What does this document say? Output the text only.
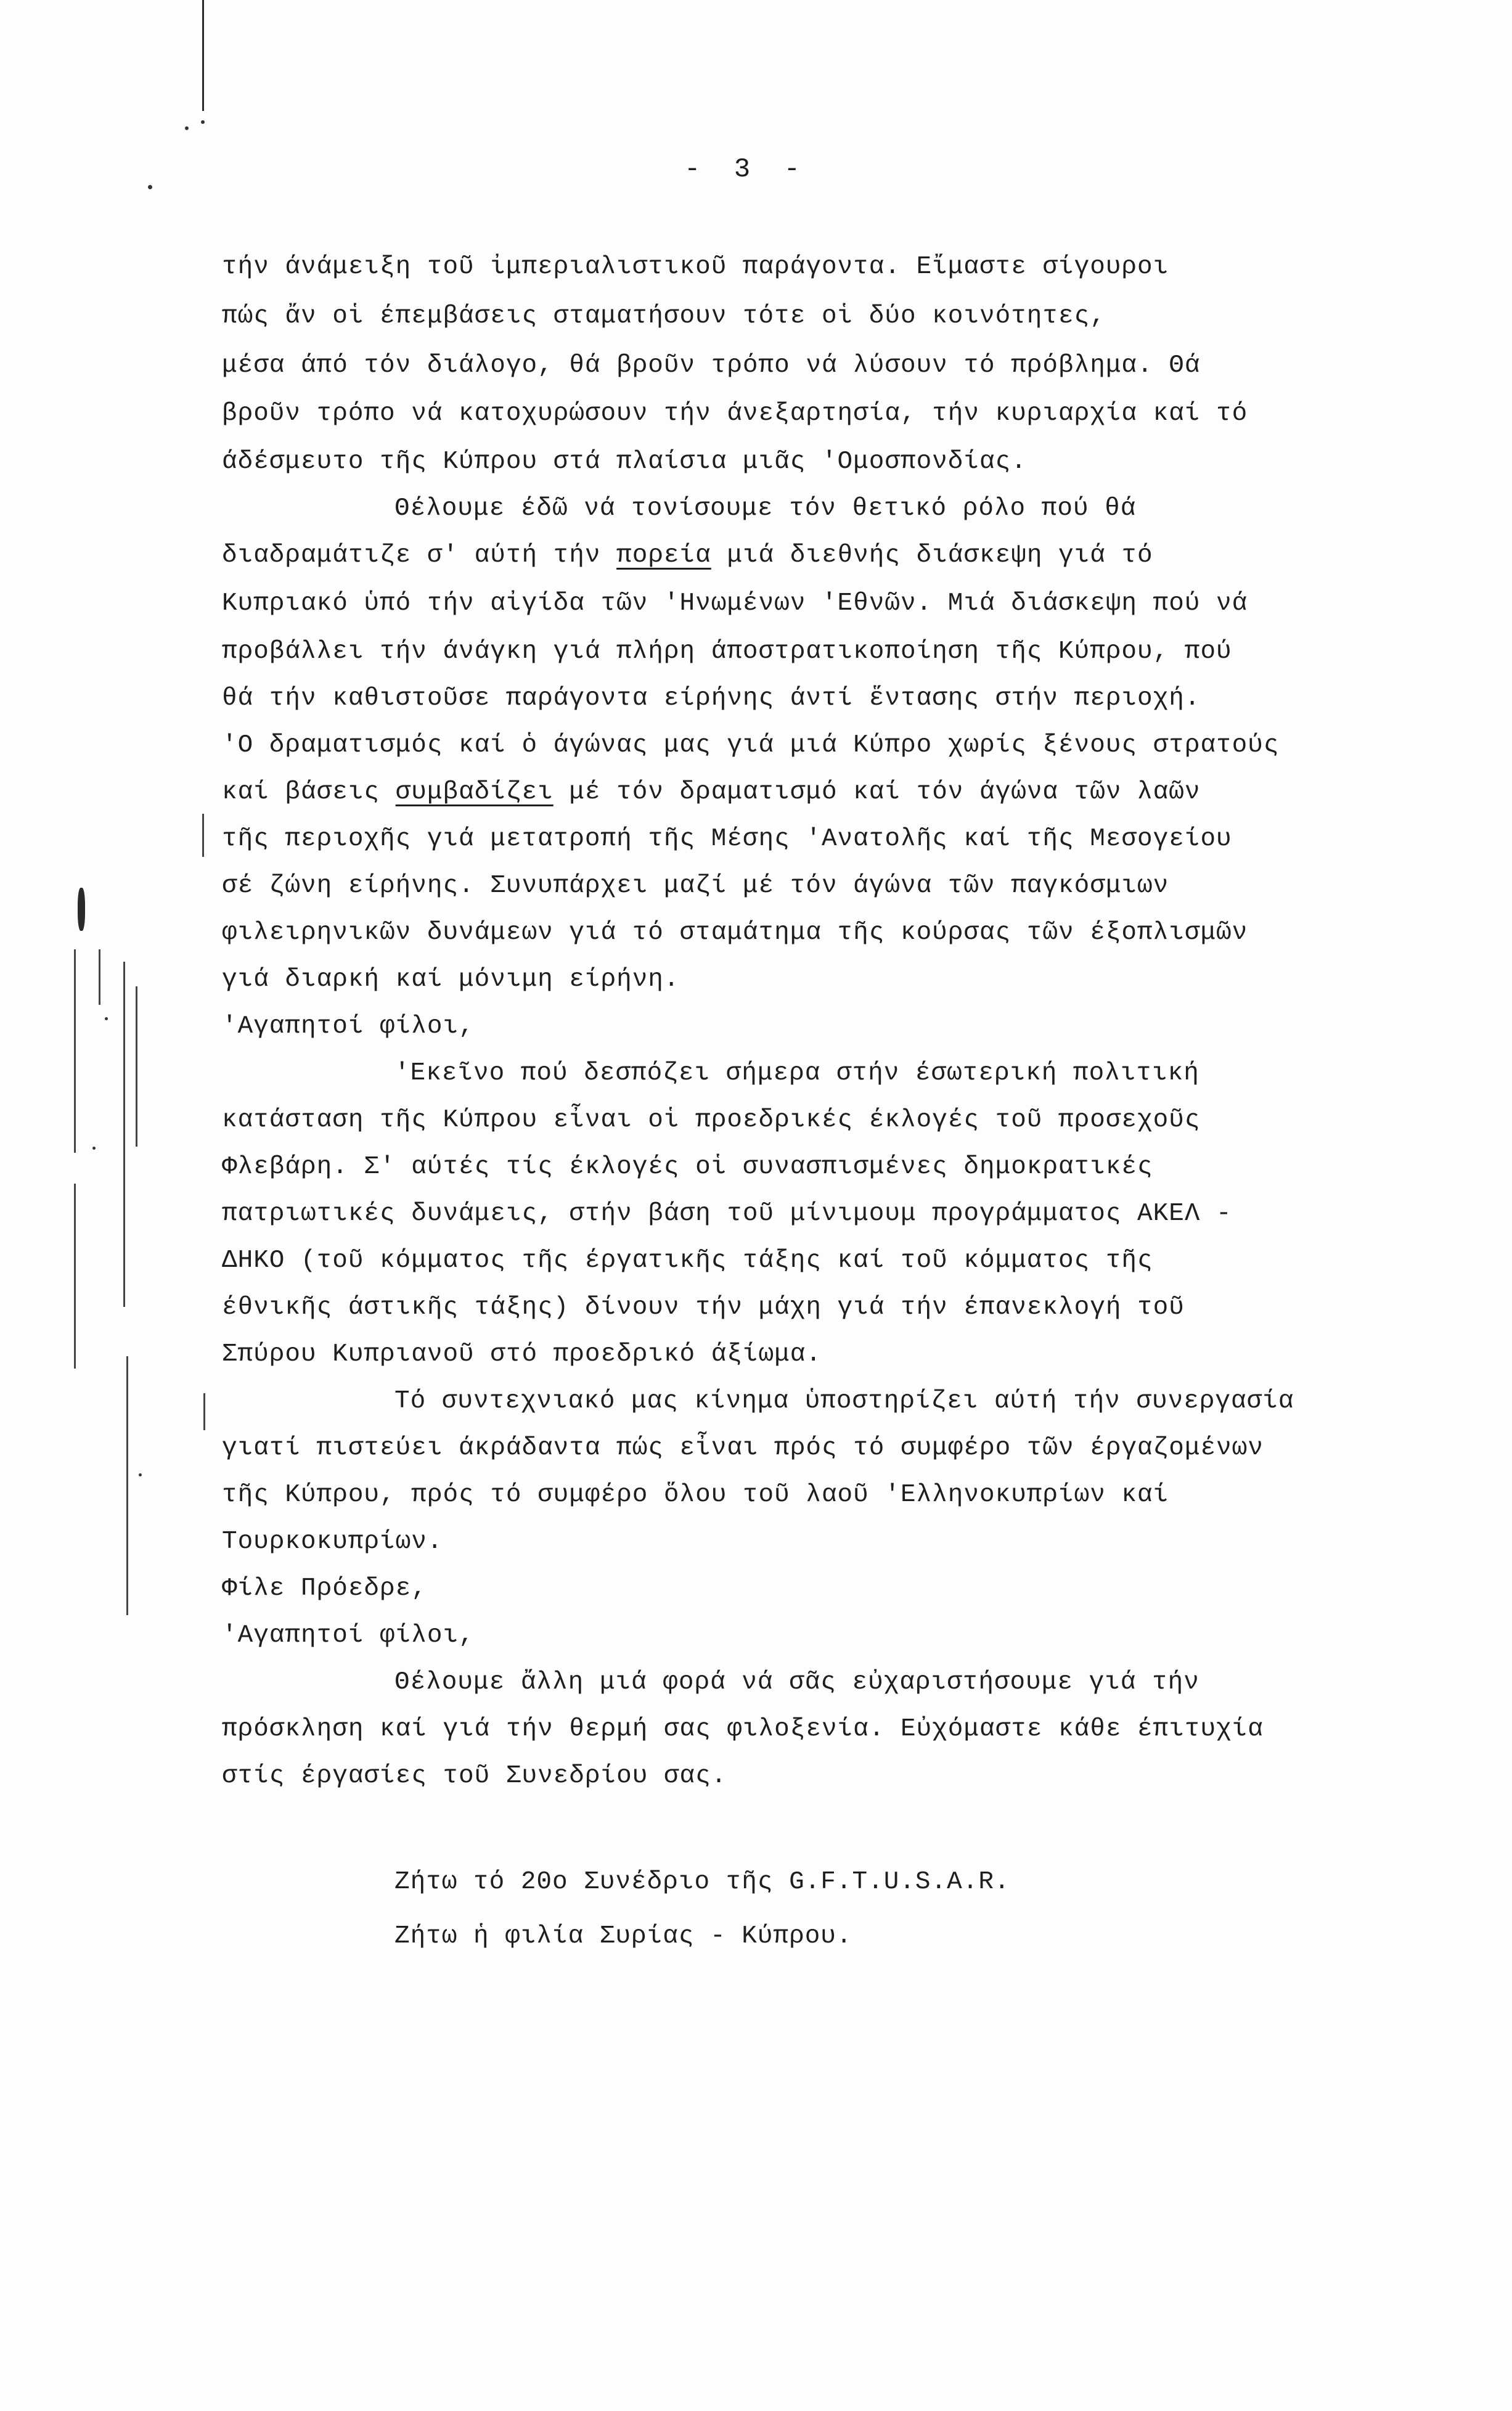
- 3 -
τήν άνάμειξη τοῦ ἰμπεριαλιστικοῦ παράγοντα. Εἴμαστε σίγουροι
πώς ἄν οἱ έπεμβάσεις σταματήσουν τότε οἱ δύο κοινότητες,
μέσα άπό τόν διάλογο, θά βροῦν τρόπο νά λύσουν τό πρόβλημα. Θά
βροῦν τρόπο νά κατοχυρώσουν τήν άνεξαρτησία, τήν κυριαρχία καί τό
άδέσμευτο τῆς Κύπρου στά πλαίσια μιᾶς 'Ομοσπονδίας.
Θέλουμε έδῶ νά τονίσουμε τόν θετικό ρόλο πού θά
διαδραμάτιζε σ' αύτή τήν πορεία μιά διεθνής διάσκεψη γιά τό
Κυπριακό ὑπό τήν αἰγίδα τῶν 'Ηνωμένων 'Εθνῶν. Μιά διάσκεψη πού νά
προβάλλει τήν άνάγκη γιά πλήρη άποστρατικοποίηση τῆς Κύπρου, πού
θά τήν καθιστοῦσε παράγοντα είρήνης άντί ἕντασης στήν περιοχή.
'Ο δραματισμός καί ὁ άγώνας μας γιά μιά Κύπρο χωρίς ξένους στρατούς
καί βάσεις συμβαδίζει μέ τόν δραματισμό καί τόν άγώνα τῶν λαῶν
τῆς περιοχῆς γιά μετατροπή τῆς Μέσης 'Ανατολῆς καί τῆς Μεσογείου
σέ ζώνη είρήνης. Συνυπάρχει μαζί μέ τόν άγώνα τῶν παγκόσμιων
φιλειρηνικῶν δυνάμεων γιά τό σταμάτημα τῆς κούρσας τῶν έξοπλισμῶν
γιά διαρκή καί μόνιμη είρήνη.
'Αγαπητοί φίλοι,
'Εκεῖνο πού δεσπόζει σήμερα στήν έσωτερική πολιτική
κατάσταση τῆς Κύπρου εἶναι οἱ προεδρικές έκλογές τοῦ προσεχοῦς
Φλεβάρη. Σ' αύτές τίς έκλογές οἱ συνασπισμένες δημοκρατικές
πατριωτικές δυνάμεις, στήν βάση τοῦ μίνιμουμ προγράμματος ΑΚΕΛ -
ΔΗΚΟ (τοῦ κόμματος τῆς έργατικῆς τάξης καί τοῦ κόμματος τῆς
έθνικῆς άστικῆς τάξης) δίνουν τήν μάχη γιά τήν έπανεκλογή τοῦ
Σπύρου Κυπριανοῦ στό προεδρικό άξίωμα.
Τό συντεχνιακό μας κίνημα ὑποστηρίζει αύτή τήν συνεργασία
γιατί πιστεύει άκράδαντα πώς εἶναι πρός τό συμφέρο τῶν έργαζομένων
τῆς Κύπρου, πρός τό συμφέρο ὅλου τοῦ λαοῦ 'Ελληνοκυπρίων καί
Τουρκοκυπρίων.
Φίλε Πρόεδρε,
'Αγαπητοί φίλοι,
Θέλουμε ἄλλη μιά φορά νά σᾶς εὐχαριστήσουμε γιά τήν
πρόσκληση καί γιά τήν θερμή σας φιλοξενία. Εὐχόμαστε κάθε έπιτυχία
στίς έργασίες τοῦ Συνεδρίου σας.
Ζήτω τό 20ο Συνέδριο τῆς G.F.T.U.S.A.R.
Ζήτω ἡ φιλία Συρίας - Κύπρου.
